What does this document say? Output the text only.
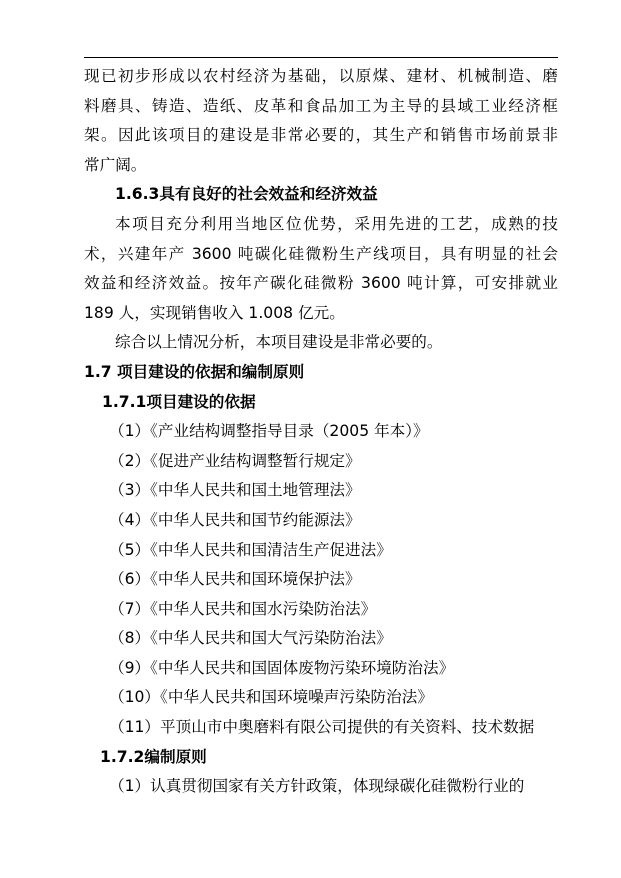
现已初步形成以农村经济为基础，以原煤、建材、机械制造、磨
料磨具、铸造、造纸、皮革和食品加工为主导的县域工业经济框
架。因此该项目的建设是非常必要的，其生产和销售市场前景非
常广阔。
1.6.3具有良好的社会效益和经济效益
本项目充分利用当地区位优势，采用先进的工艺，成熟的技
术，兴建年产 3600 吨碳化硅微粉生产线项目，具有明显的社会
效益和经济效益。按年产碳化硅微粉 3600 吨计算，可安排就业
189 人，实现销售收入 1.008 亿元。
综合以上情况分析，本项目建设是非常必要的。
1.7 项目建设的依据和编制原则
1.7.1项目建设的依据
（1）《产业结构调整指导目录（2005 年本）》
（2）《促进产业结构调整暂行规定》
（3）《中华人民共和国土地管理法》
（4）《中华人民共和国节约能源法》
（5）《中华人民共和国清洁生产促进法》
（6）《中华人民共和国环境保护法》
（7）《中华人民共和国水污染防治法》
（8）《中华人民共和国大气污染防治法》
（9）《中华人民共和国固体废物污染环境防治法》
（10）《中华人民共和国环境噪声污染防治法》
（11）平顶山市中奥磨料有限公司提供的有关资料、技术数据
1.7.2编制原则
（1）认真贯彻国家有关方针政策，体现绿碳化硅微粉行业的
